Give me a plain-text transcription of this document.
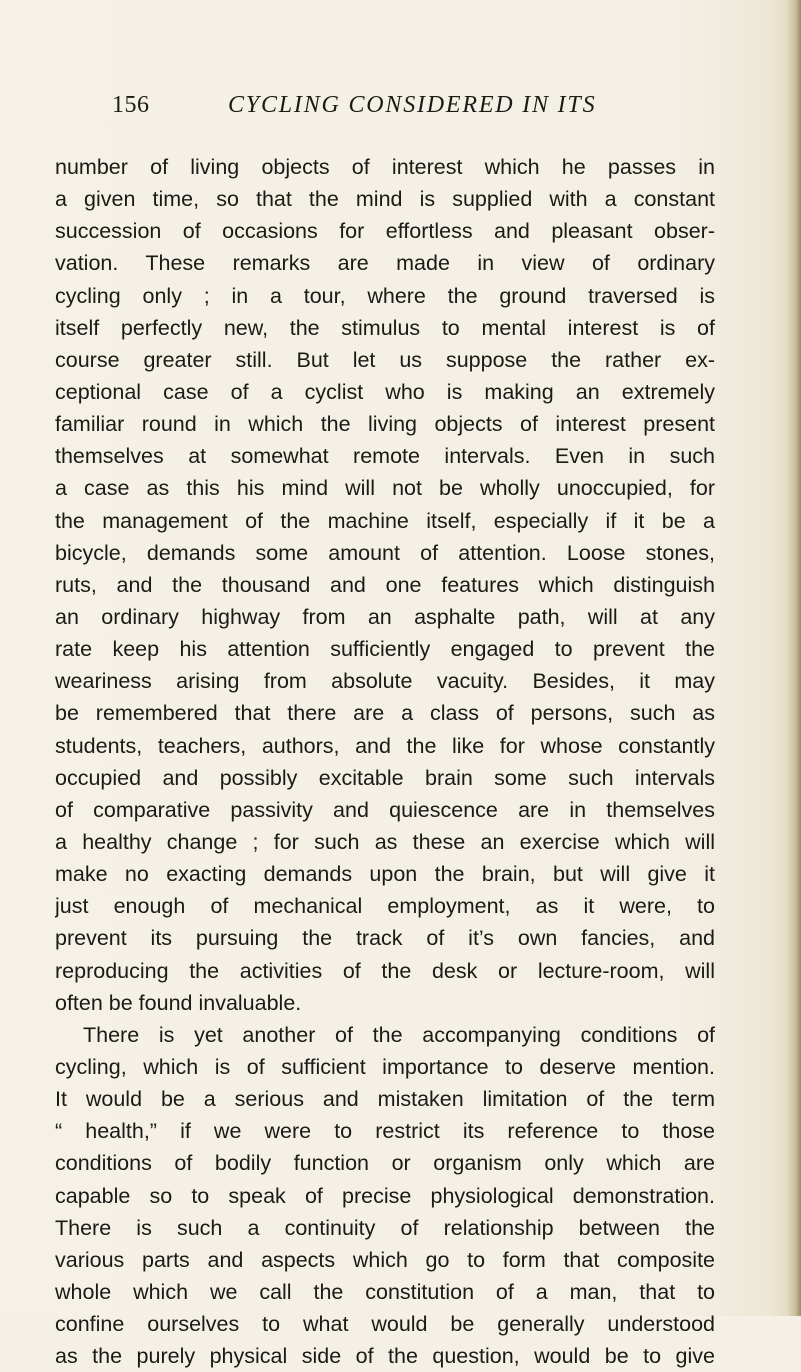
156	CYCLING CONSIDERED IN ITS
number of living objects of interest which he passes in
a given time, so that the mind is supplied with a constant
succession of occasions for effortless and pleasant obser-
vation. These remarks are made in view of ordinary
cycling only ; in a tour, where the ground traversed is
itself perfectly new, the stimulus to mental interest is of
course greater still. But let us suppose the rather ex-
ceptional case of a cyclist who is making an extremely
familiar round in which the living objects of interest present
themselves at somewhat remote intervals. Even in such
a case as this his mind will not be wholly unoccupied, for
the management of the machine itself, especially if it be a
bicycle, demands some amount of attention. Loose stones,
ruts, and the thousand and one features which distinguish
an ordinary highway from an asphalte path, will at any
rate keep his attention sufficiently engaged to prevent the
weariness arising from absolute vacuity. Besides, it may
be remembered that there are a class of persons, such as
students, teachers, authors, and the like for whose constantly
occupied and possibly excitable brain some such intervals
of comparative passivity and quiescence are in themselves
a healthy change ; for such as these an exercise which will
make no exacting demands upon the brain, but will give it
just enough of mechanical employment, as it were, to
prevent its pursuing the track of it’s own fancies, and
reproducing the activities of the desk or lecture-room, will
often be found invaluable.
There is yet another of the accompanying conditions of
cycling, which is of sufficient importance to deserve mention.
It would be a serious and mistaken limitation of the term
“ health,” if we were to restrict its reference to those
conditions of bodily function or organism only which are
capable so to speak of precise physiological demonstration.
There is such a continuity of relationship between the
various parts and aspects which go to form that composite
whole which we call the constitution of a man, that to
confine ourselves to what would be generally understood
as the purely physical side of the question, would be to give
